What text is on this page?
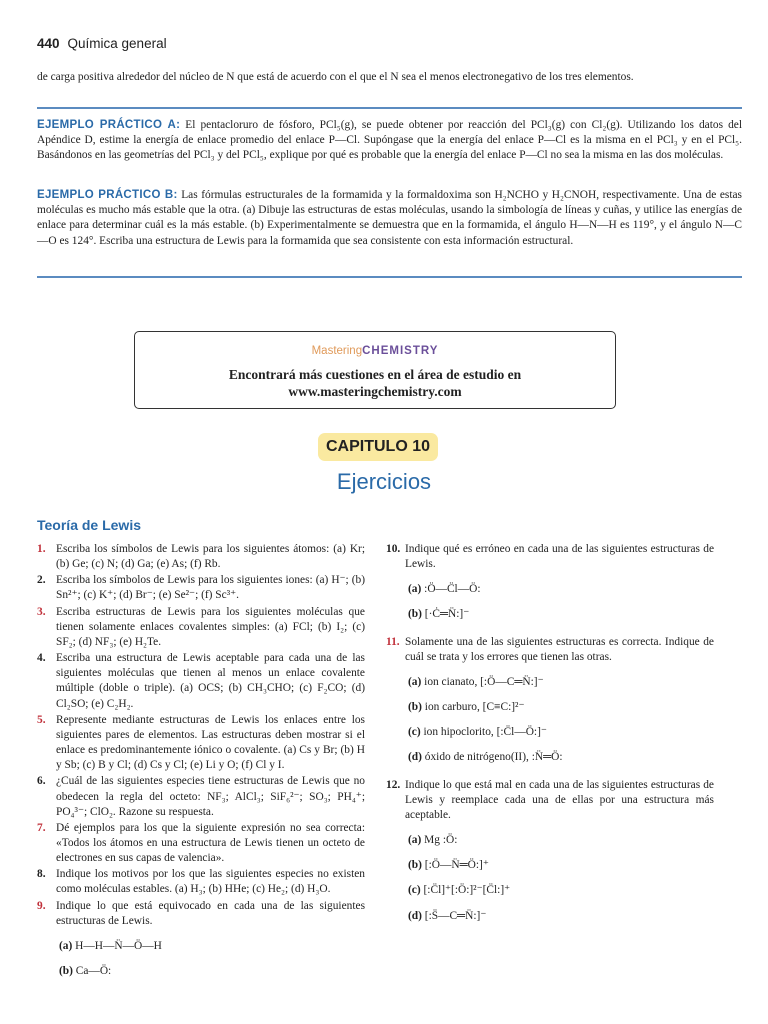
440 Química general
de carga positiva alrededor del núcleo de N que está de acuerdo con el que el N sea el menos electronegativo de los tres elementos.
EJEMPLO PRÁCTICO A: El pentacloruro de fósforo, PCl₅(g), se puede obtener por reacción del PCl₃(g) con Cl₂(g). Utilizando los datos del Apéndice D, estime la energía de enlace promedio del enlace P—Cl. Supóngase que la energía del enlace P—Cl es la misma en el PCl₃ y en el PCl₅. Basándonos en las geometrías del PCl₃ y del PCl₅, explique por qué es probable que la energía del enlace P—Cl no sea la misma en las dos moléculas.
EJEMPLO PRÁCTICO B: Las fórmulas estructurales de la formamida y la formaldoxima son H₂NCHO y H₂CNOH, respectivamente. Una de estas moléculas es mucho más estable que la otra. (a) Dibuje las estructuras de estas moléculas, usando la simbología de líneas y cuñas, y utilice las energías de enlace para determinar cuál es la más estable. (b) Experimentalmente se demuestra que en la formamida, el ángulo H—N—H es 119°, y el ángulo N—C—O es 124°. Escriba una estructura de Lewis para la formamida que sea consistente con esta información estructural.
MasteringCHEMISTRY
Encontrará más cuestiones en el área de estudio en
www.masteringchemistry.com
CAPITULO 10
Ejercicios
Teoría de Lewis
1. Escriba los símbolos de Lewis para los siguientes átomos: (a) Kr; (b) Ge; (c) N; (d) Ga; (e) As; (f) Rb.
2. Escriba los símbolos de Lewis para los siguientes iones: (a) H⁻; (b) Sn²⁺; (c) K⁺; (d) Br⁻; (e) Se²⁻; (f) Sc³⁺.
3. Escriba estructuras de Lewis para los siguientes moléculas que tienen solamente enlaces covalentes simples: (a) FCl; (b) I₂; (c) SF₂; (d) NF₃; (e) H₂Te.
4. Escriba una estructura de Lewis aceptable para cada una de las siguientes moléculas que tienen al menos un enlace covalente múltiple (doble o triple). (a) OCS; (b) CH₃CHO; (c) F₂CO; (d) Cl₂SO; (e) C₂H₂.
5. Represente mediante estructuras de Lewis los enlaces entre los siguientes pares de elementos. Las estructuras deben mostrar si el enlace es predominantemente iónico o covalente. (a) Cs y Br; (b) H y Sb; (c) B y Cl; (d) Cs y Cl; (e) Li y O; (f) Cl y I.
6. ¿Cuál de las siguientes especies tiene estructuras de Lewis que no obedecen la regla del octeto: NF₃; AlCl₃; SiF₆²⁻; SO₃; PH₄⁺; PO₄³⁻; ClO₂. Razone su respuesta.
7. Dé ejemplos para los que la siguiente expresión no sea correcta: «Todos los átomos en una estructura de Lewis tienen un octeto de electrones en sus capas de valencia».
8. Indique los motivos por los que las siguientes especies no existen como moléculas estables. (a) H₃; (b) HHe; (c) He₂; (d) H₃O.
9. Indique lo que está equivocado en cada una de las siguientes estructuras de Lewis.
(a) H—H—N̈—Ö—H
(b) Ca—Ö:
10. Indique qué es erróneo en cada una de las siguientes estructuras de Lewis.
(a) :Ö—C̈l—Ö:
(b) [·Ċ═N̈:]⁻
11. Solamente una de las siguientes estructuras es correcta. Indique de cuál se trata y los errores que tienen las otras.
(a) ion cianato, [:Ö—C═N̈:]⁻
(b) ion carburo, [C≡C:]²⁻
(c) ion hipoclorito, [:C̈l—Ö:]⁻
(d) óxido de nitrógeno(II), :N̈═Ö:
12. Indique lo que está mal en cada una de las siguientes estructuras de Lewis y reemplace cada una de ellas por una estructura más aceptable.
(a) Mg :Ö:
(b) [:Ö—N̈═Ö:]⁺
(c) [:C̈l]⁺[:Ö:]²⁻[C̈l:]⁺
(d) [:S̈—C═N̈:]⁻
